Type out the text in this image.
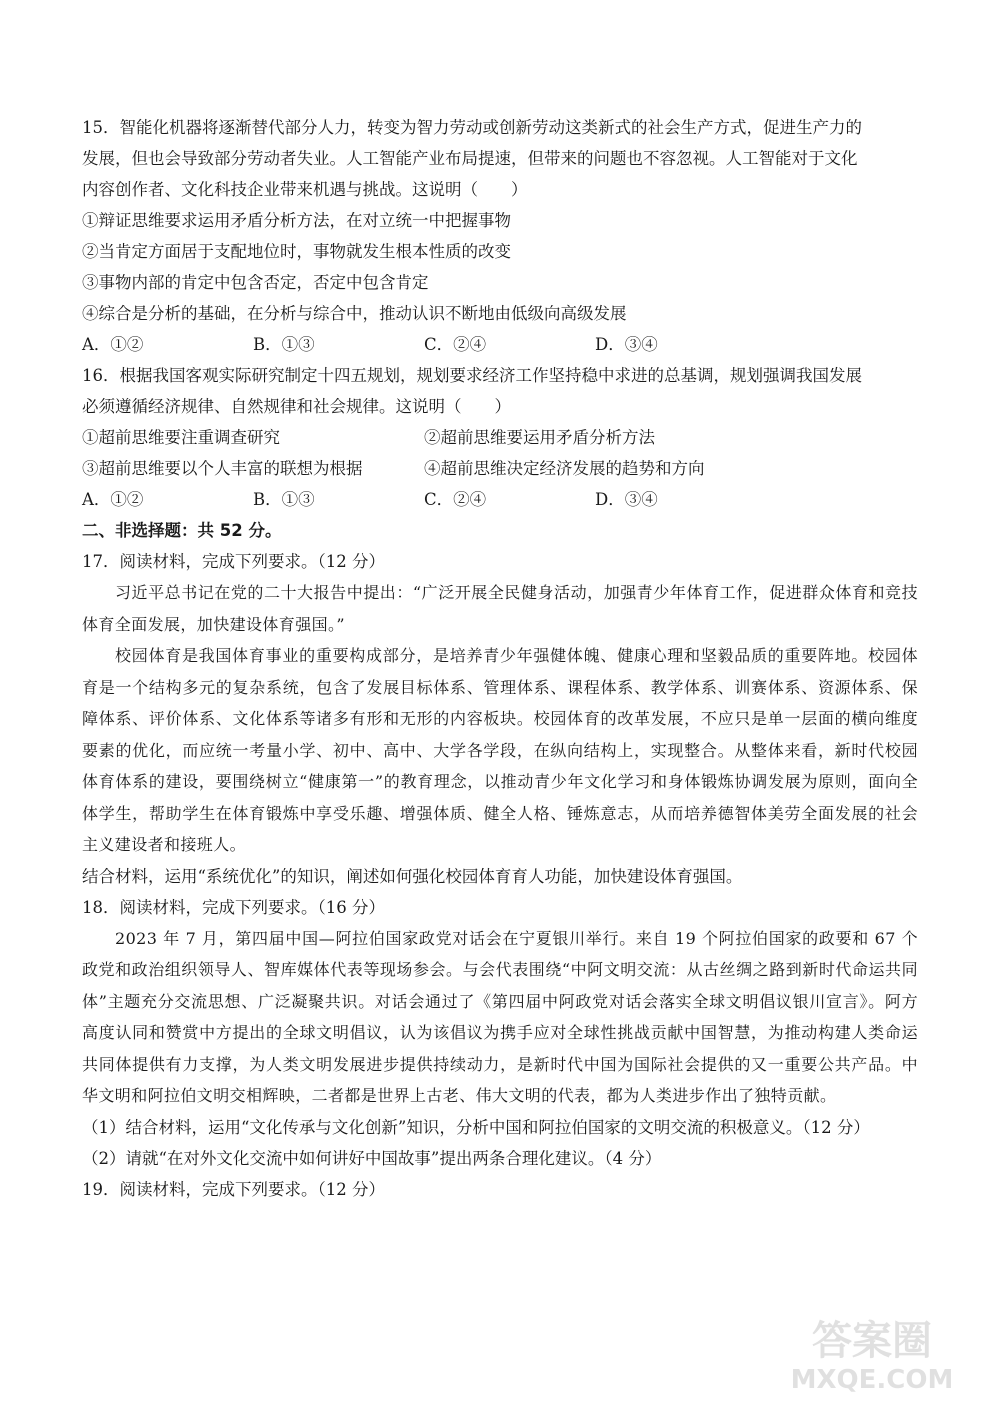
15．智能化机器将逐渐替代部分人力，转变为智力劳动或创新劳动这类新式的社会生产方式，促进生产力的
发展，但也会导致部分劳动者失业。人工智能产业布局提速，但带来的问题也不容忽视。人工智能对于文化
内容创作者、文化科技企业带来机遇与挑战。这说明（　　）
①辩证思维要求运用矛盾分析方法，在对立统一中把握事物
②当肯定方面居于支配地位时，事物就发生根本性质的改变
③事物内部的肯定中包含否定，否定中包含肯定
④综合是分析的基础，在分析与综合中，推动认识不断地由低级向高级发展
A．①②	B．①③	C．②④	D．③④
16．根据我国客观实际研究制定十四五规划，规划要求经济工作坚持稳中求进的总基调，规划强调我国发展
必须遵循经济规律、自然规律和社会规律。这说明（　　）
①超前思维要注重调查研究	②超前思维要运用矛盾分析方法
③超前思维要以个人丰富的联想为根据	④超前思维决定经济发展的趋势和方向
A．①②	B．①③	C．②④	D．③④
二、非选择题：共 52 分。
17．阅读材料，完成下列要求。（12 分）
习近平总书记在党的二十大报告中提出：“广泛开展全民健身活动，加强青少年体育工作，促进群众体育和竞技体育全面发展，加快建设体育强国。”
校园体育是我国体育事业的重要构成部分，是培养青少年强健体魄、健康心理和坚毅品质的重要阵地。校园体育是一个结构多元的复杂系统，包含了发展目标体系、管理体系、课程体系、教学体系、训赛体系、资源体系、保障体系、评价体系、文化体系等诸多有形和无形的内容板块。校园体育的改革发展，不应只是单一层面的横向维度要素的优化，而应统一考量小学、初中、高中、大学各学段，在纵向结构上，实现整合。从整体来看，新时代校园体育体系的建设，要围绕树立“健康第一”的教育理念，以推动青少年文化学习和身体锻炼协调发展为原则，面向全体学生，帮助学生在体育锻炼中享受乐趣、增强体质、健全人格、锤炼意志，从而培养德智体美劳全面发展的社会主义建设者和接班人。
结合材料，运用“系统优化”的知识，阐述如何强化校园体育育人功能，加快建设体育强国。
18．阅读材料，完成下列要求。（16 分）
2023 年 7 月，第四届中国—阿拉伯国家政党对话会在宁夏银川举行。来自 19 个阿拉伯国家的政要和 67 个政党和政治组织领导人、智库媒体代表等现场参会。与会代表围绕“中阿文明交流：从古丝绸之路到新时代命运共同体”主题充分交流思想、广泛凝聚共识。对话会通过了《第四届中阿政党对话会落实全球文明倡议银川宣言》。阿方高度认同和赞赏中方提出的全球文明倡议，认为该倡议为携手应对全球性挑战贡献中国智慧，为推动构建人类命运共同体提供有力支撑，为人类文明发展进步提供持续动力，是新时代中国为国际社会提供的又一重要公共产品。中华文明和阿拉伯文明交相辉映，二者都是世界上古老、伟大文明的代表，都为人类进步作出了独特贡献。
（1）结合材料，运用“文化传承与文化创新”知识，分析中国和阿拉伯国家的文明交流的积极意义。（12 分）
（2）请就“在对外文化交流中如何讲好中国故事”提出两条合理化建议。（4 分）
19．阅读材料，完成下列要求。（12 分）
答案圈
MXQE.COM
